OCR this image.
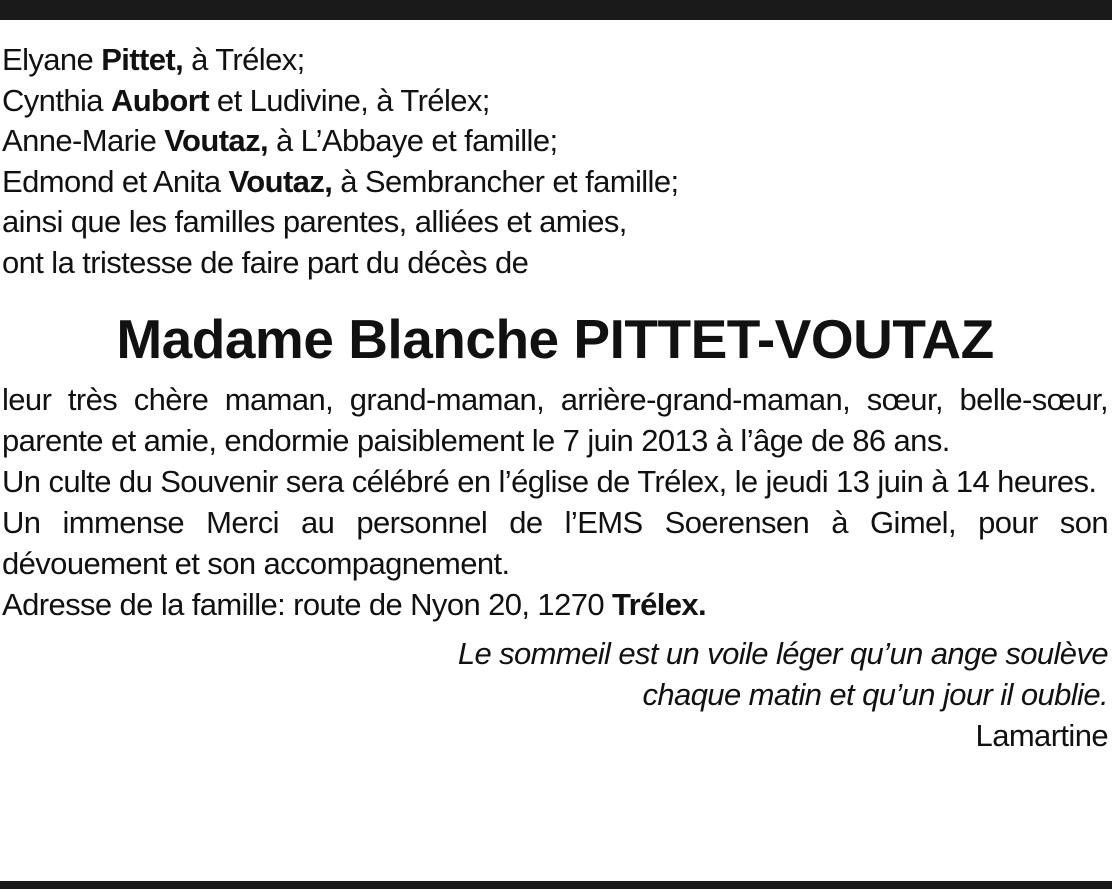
Elyane Pittet, à Trélex;
Cynthia Aubort et Ludivine, à Trélex;
Anne-Marie Voutaz, à L’Abbaye et famille;
Edmond et Anita Voutaz, à Sembrancher et famille;
ainsi que les familles parentes, alliées et amies,
ont la tristesse de faire part du décès de
Madame Blanche PITTET-VOUTAZ
leur très chère maman, grand-maman, arrière-grand-maman, sœur, belle-sœur, parente et amie, endormie paisiblement le 7 juin 2013 à l’âge de 86 ans.
Un culte du Souvenir sera célébré en l’église de Trélex, le jeudi 13 juin à 14 heures.
Un immense Merci au personnel de l’EMS Soerensen à Gimel, pour son dévouement et son accompagnement.
Adresse de la famille: route de Nyon 20, 1270 Trélex.
Le sommeil est un voile léger qu’un ange soulève
chaque matin et qu’un jour il oublie.
Lamartine
